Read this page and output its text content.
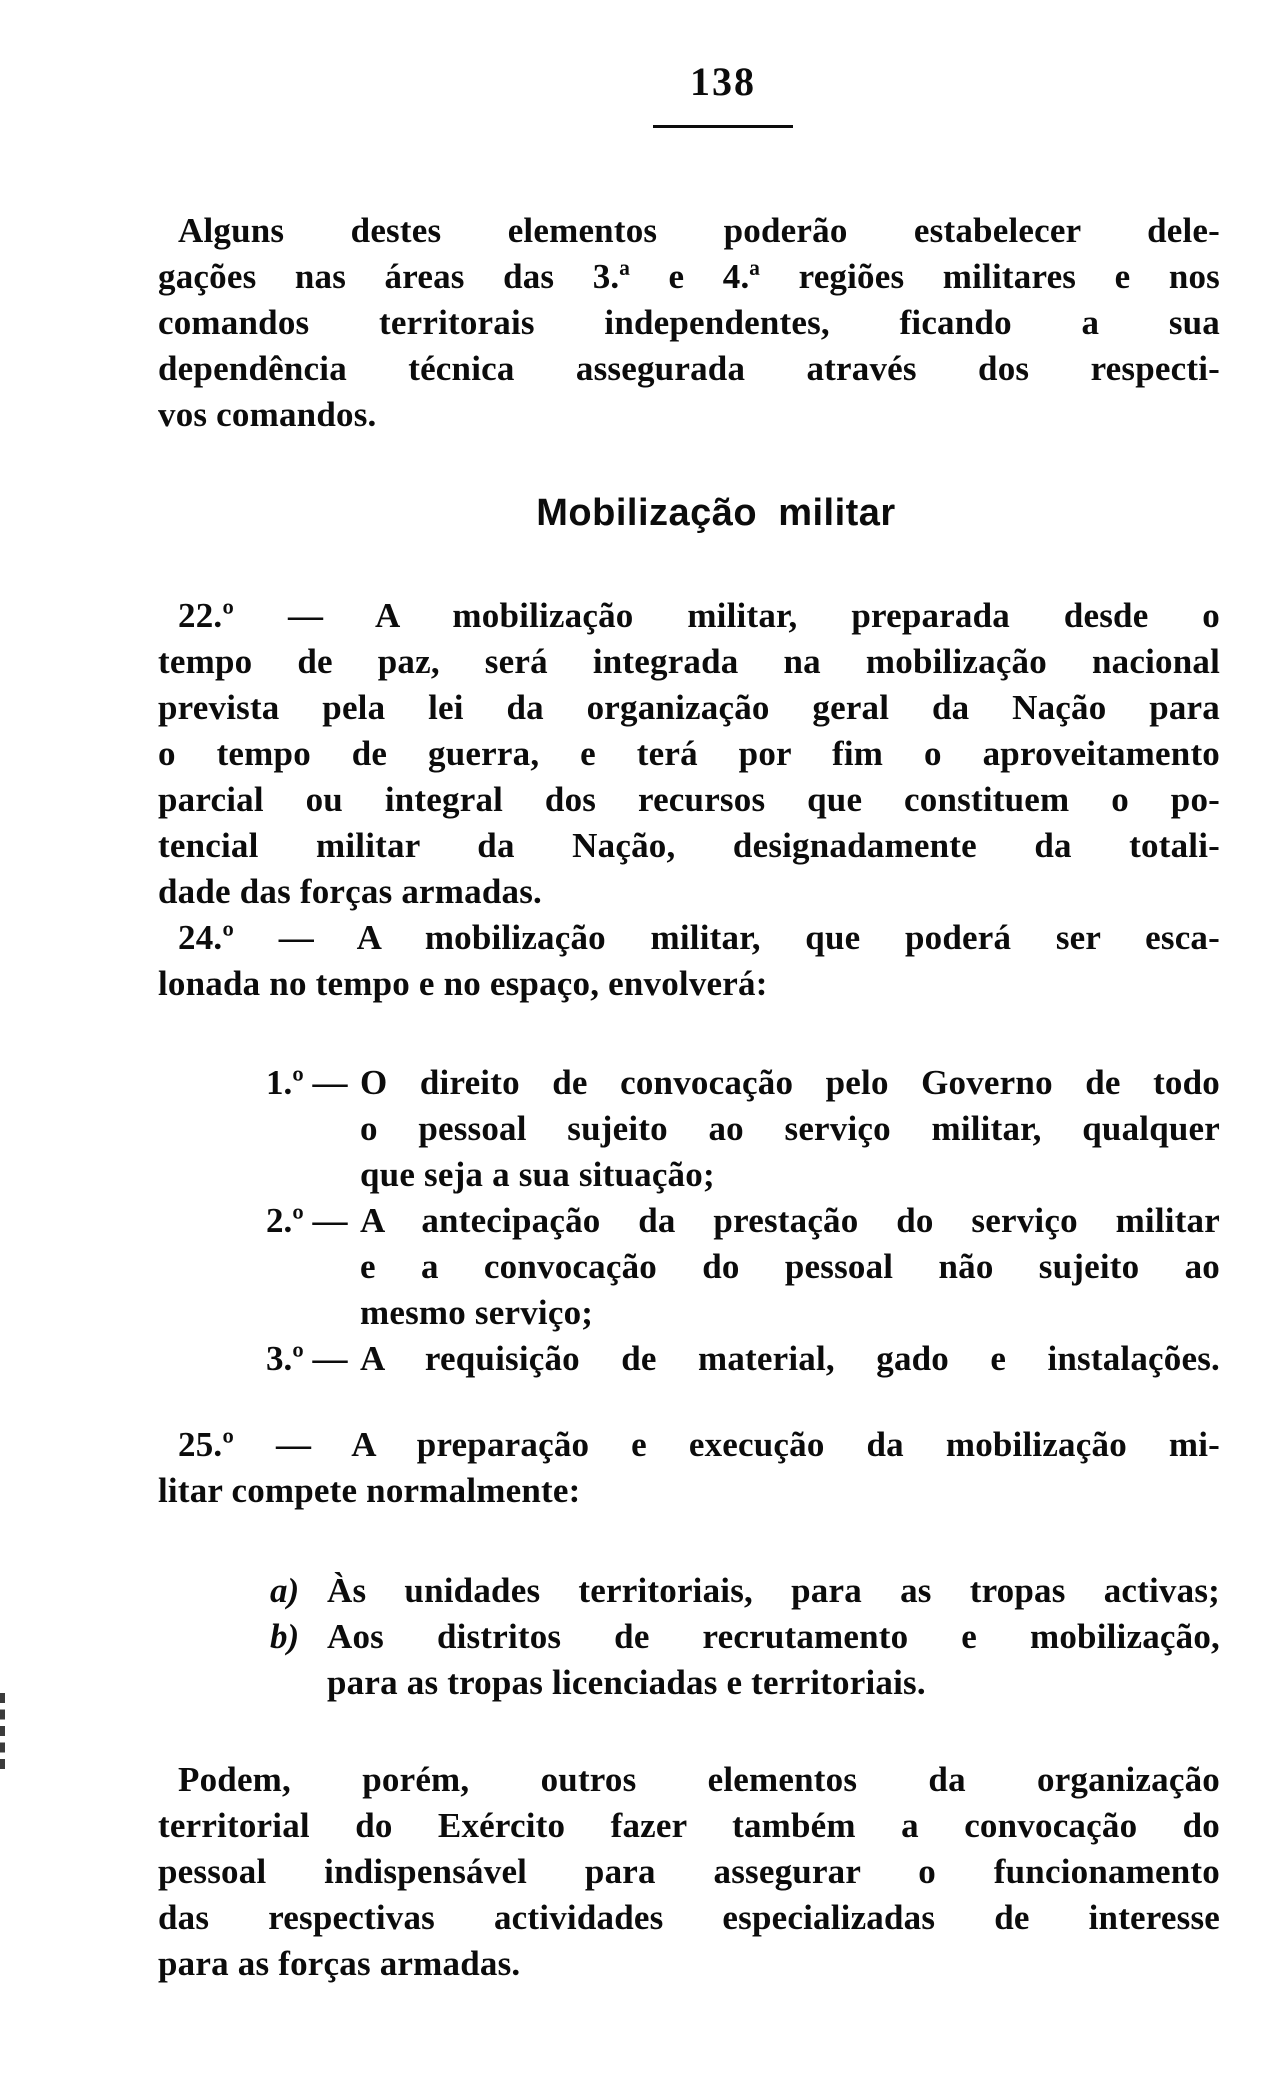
138
Alguns destes elementos poderão estabelecer dele-
gações nas áreas das 3.ª e 4.ª regiões militares e nos
comandos territorais independentes, ficando a sua
dependência técnica assegurada através dos respecti-
vos comandos.
Mobilização militar
22.º — A mobilização militar, preparada desde o
tempo de paz, será integrada na mobilização nacional
prevista pela lei da organização geral da Nação para
o tempo de guerra, e terá por fim o aproveitamento
parcial ou integral dos recursos que constituem o po-
tencial militar da Nação, designadamente da totali-
dade das forças armadas.
24.º — A mobilização militar, que poderá ser esca-
lonada no tempo e no espaço, envolverá:
1.º — O direito de convocação pelo Governo de todo
o pessoal sujeito ao serviço militar, qualquer
que seja a sua situação;
2.º — A antecipação da prestação do serviço militar
e a convocação do pessoal não sujeito ao
mesmo serviço;
3.º — A requisição de material, gado e instalações.
25.º — A preparação e execução da mobilização mi-
litar compete normalmente:
a) Às unidades territoriais, para as tropas activas;
b) Aos distritos de recrutamento e mobilização,
para as tropas licenciadas e territoriais.
Podem, porém, outros elementos da organização
territorial do Exército fazer também a convocação do
pessoal indispensável para assegurar o funcionamento
das respectivas actividades especializadas de interesse
para as forças armadas.
